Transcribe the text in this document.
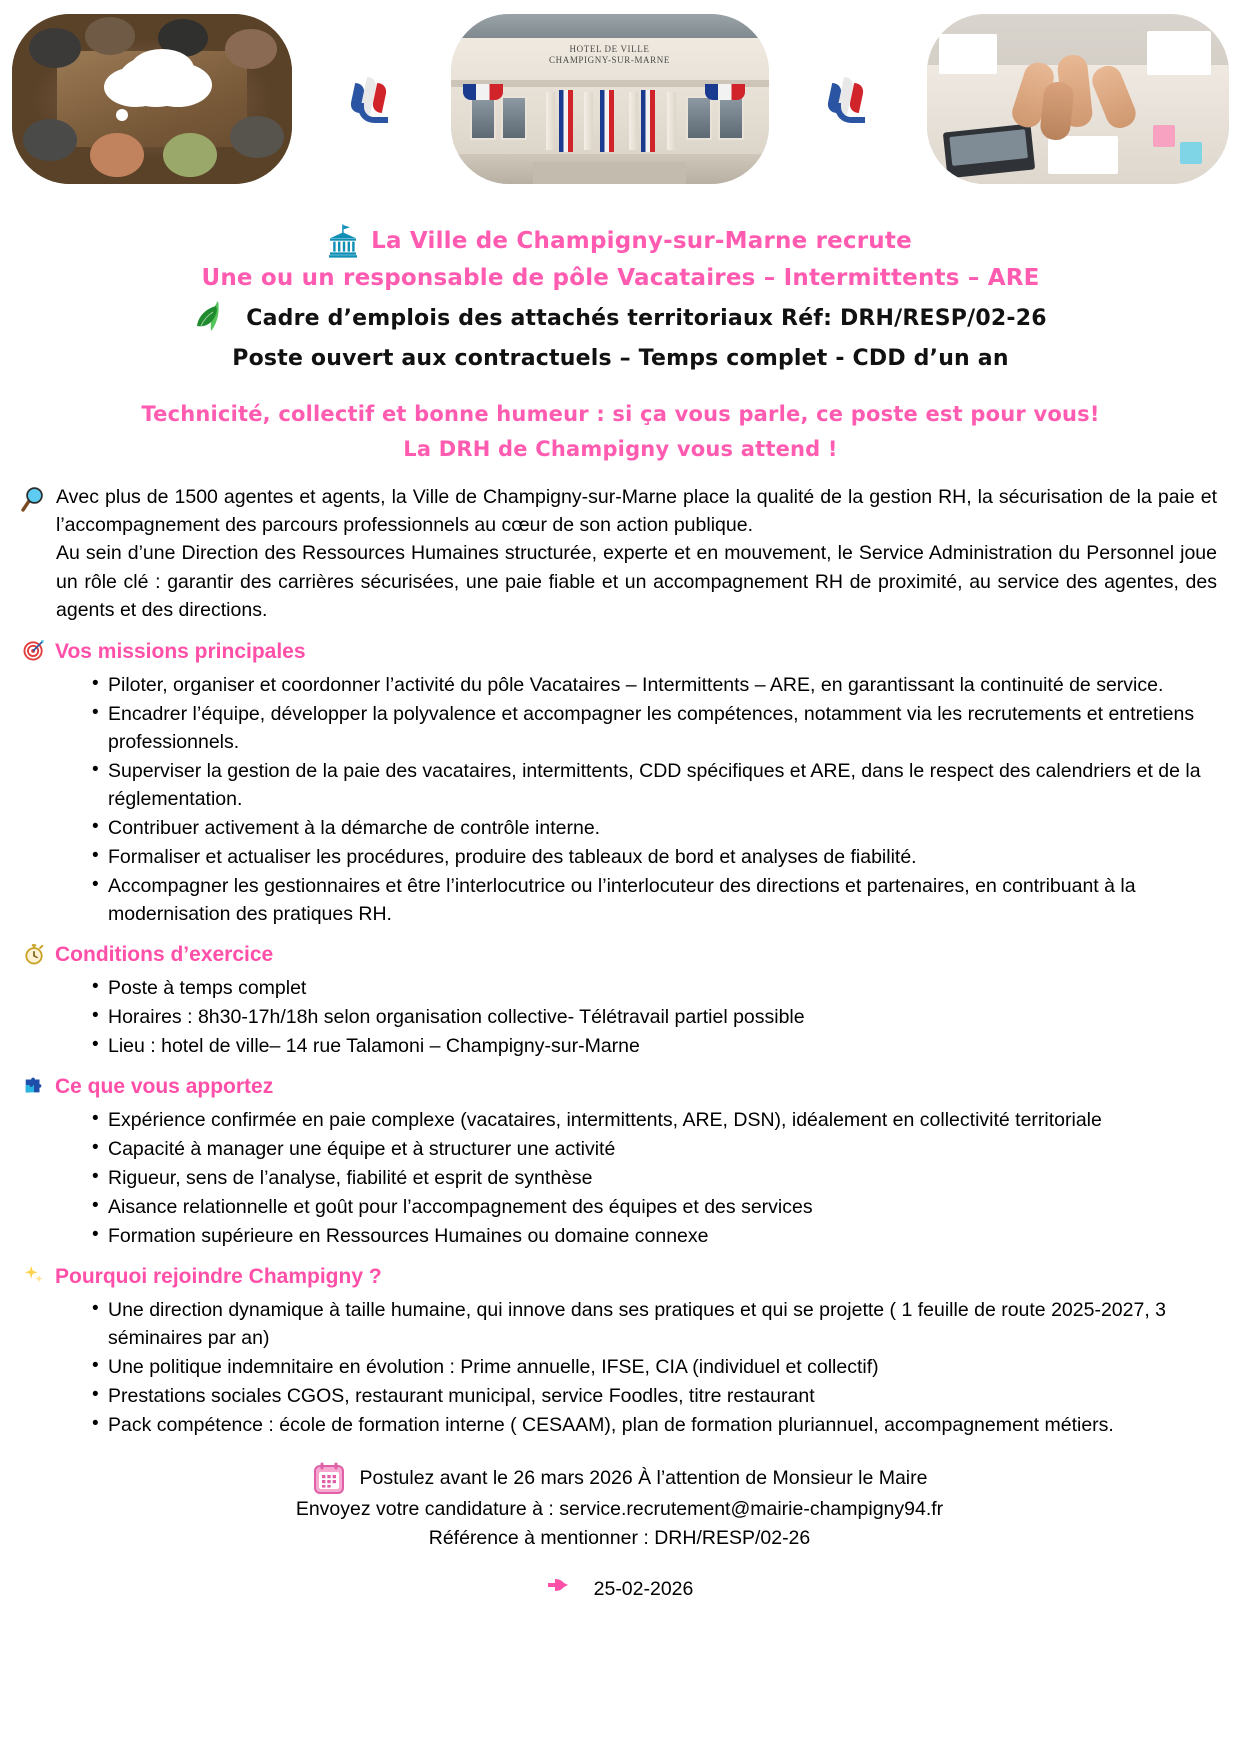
HOTEL DE VILLE
CHAMPIGNY-SUR-MARNE
La Ville de Champigny-sur-Marne recrute
Une ou un responsable de pôle Vacataires – Intermittents – ARE
Cadre d’emplois des attachés territoriaux Réf: DRH/RESP/02-26
Poste ouvert aux contractuels – Temps complet - CDD d’un an
Technicité, collectif et bonne humeur : si ça vous parle, ce poste est pour vous!
La DRH de Champigny vous attend !

Avec plus de 1500 agentes et agents, la Ville de Champigny-sur-Marne place la qualité de la gestion RH, la sécurisation de la paie et l’accompagnement des parcours professionnels au cœur de son action publique.

Au sein d’une Direction des Ressources Humaines structurée, experte et en mouvement, le Service Administration du Personnel joue un rôle clé : garantir des carrières sécurisées, une paie fiable et un accompagnement RH de proximité, au service des agentes, des agents et des directions.

Vos missions principales
• Piloter, organiser et coordonner l’activité du pôle Vacataires – Intermittents – ARE, en garantissant la continuité de service.
• Encadrer l’équipe, développer la polyvalence et accompagner les compétences, notamment via les recrutements et entretiens professionnels.
• Superviser la gestion de la paie des vacataires, intermittents, CDD spécifiques et ARE, dans le respect des calendriers et de la réglementation.
• Contribuer activement à la démarche de contrôle interne.
• Formaliser et actualiser les procédures, produire des tableaux de bord et analyses de fiabilité.
• Accompagner les gestionnaires et être l’interlocutrice ou l’interlocuteur des directions et partenaires, en contribuant à la modernisation des pratiques RH.
Conditions d’exercice
• Poste à temps complet
• Horaires : 8h30-17h/18h selon organisation collective- Télétravail partiel possible
• Lieu : hotel de ville– 14 rue Talamoni – Champigny-sur-Marne
Ce que vous apportez
• Expérience confirmée en paie complexe (vacataires, intermittents, ARE, DSN), idéalement en collectivité territoriale
• Capacité à manager une équipe et à structurer une activité
• Rigueur, sens de l’analyse, fiabilité et esprit de synthèse
• Aisance relationnelle et goût pour l’accompagnement des équipes et des services
• Formation supérieure en Ressources Humaines ou domaine connexe
Pourquoi rejoindre Champigny ?
• Une direction dynamique à taille humaine, qui innove dans ses pratiques et qui se projette ( 1 feuille de route 2025-2027, 3 séminaires par an)
• Une politique indemnitaire en évolution : Prime annuelle, IFSE, CIA (individuel et collectif)
• Prestations sociales CGOS, restaurant municipal, service Foodles, titre restaurant
• Pack compétence : école de formation interne ( CESAAM), plan de formation pluriannuel, accompagnement métiers.
Postulez avant le 26 mars 2026 À l’attention de Monsieur le Maire
Envoyez votre candidature à : service.recrutement@mairie-champigny94.fr
Référence à mentionner : DRH/RESP/02-26
25-02-2026
